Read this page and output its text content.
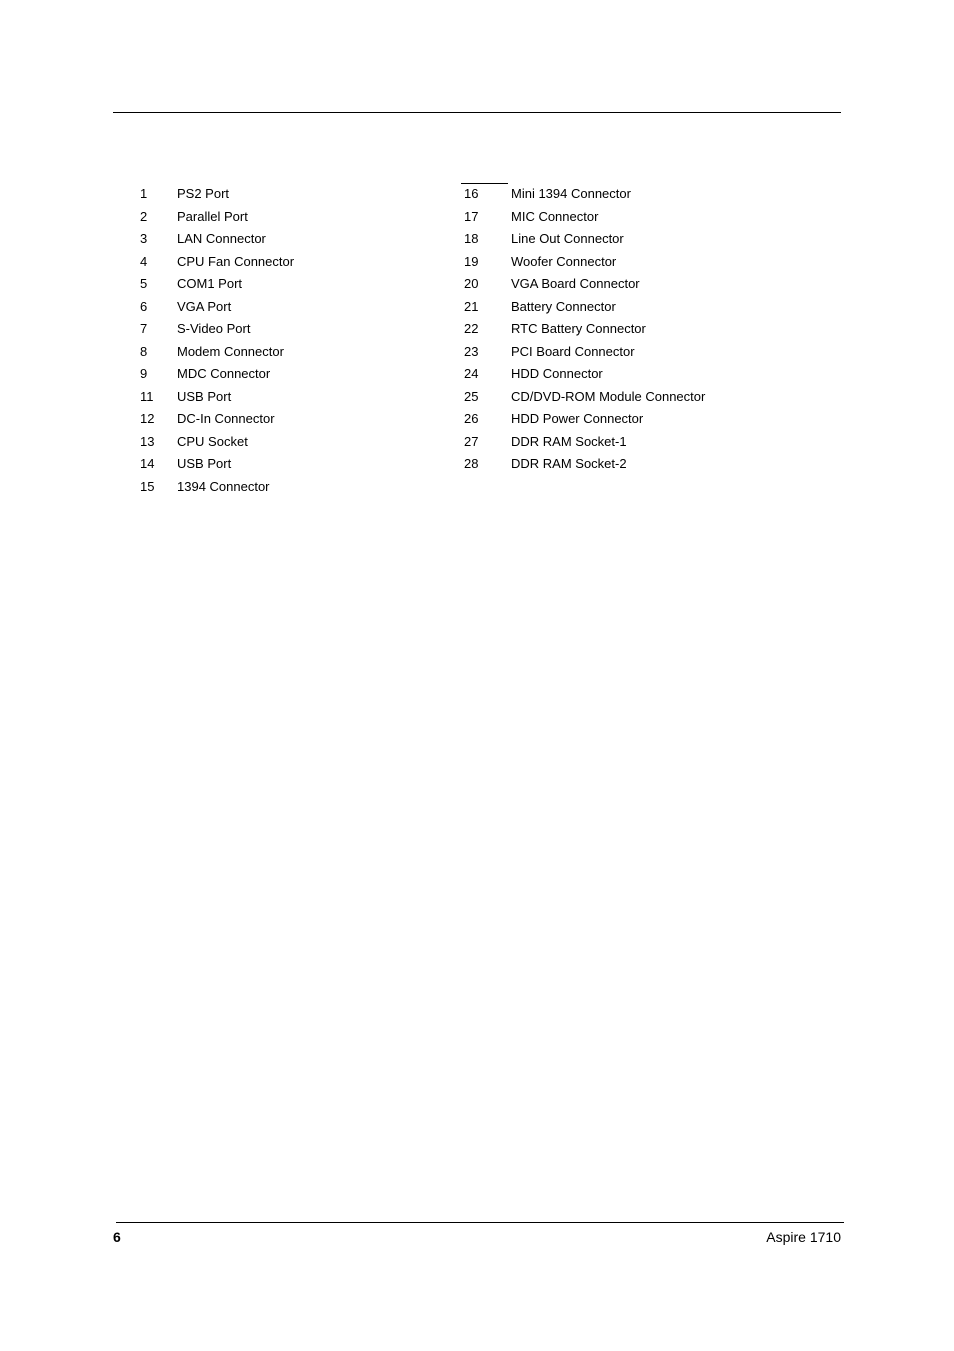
1 PS2 Port
2 Parallel Port
3 LAN Connector
4 CPU Fan Connector
5 COM1 Port
6 VGA Port
7 S-Video Port
8 Modem Connector
9 MDC Connector
11 USB Port
12 DC-In Connector
13 CPU Socket
14 USB Port
15 1394 Connector
16	Mini 1394 Connector
17	MIC Connector
18	Line Out Connector
19	Woofer Connector
20	VGA Board Connector
21	Battery Connector
22	RTC Battery Connector
23	PCI Board Connector
24	HDD Connector
25	CD/DVD-ROM Module Connector
26	HDD Power Connector
27	DDR RAM Socket-1
28	DDR RAM Socket-2
6	Aspire 1710
